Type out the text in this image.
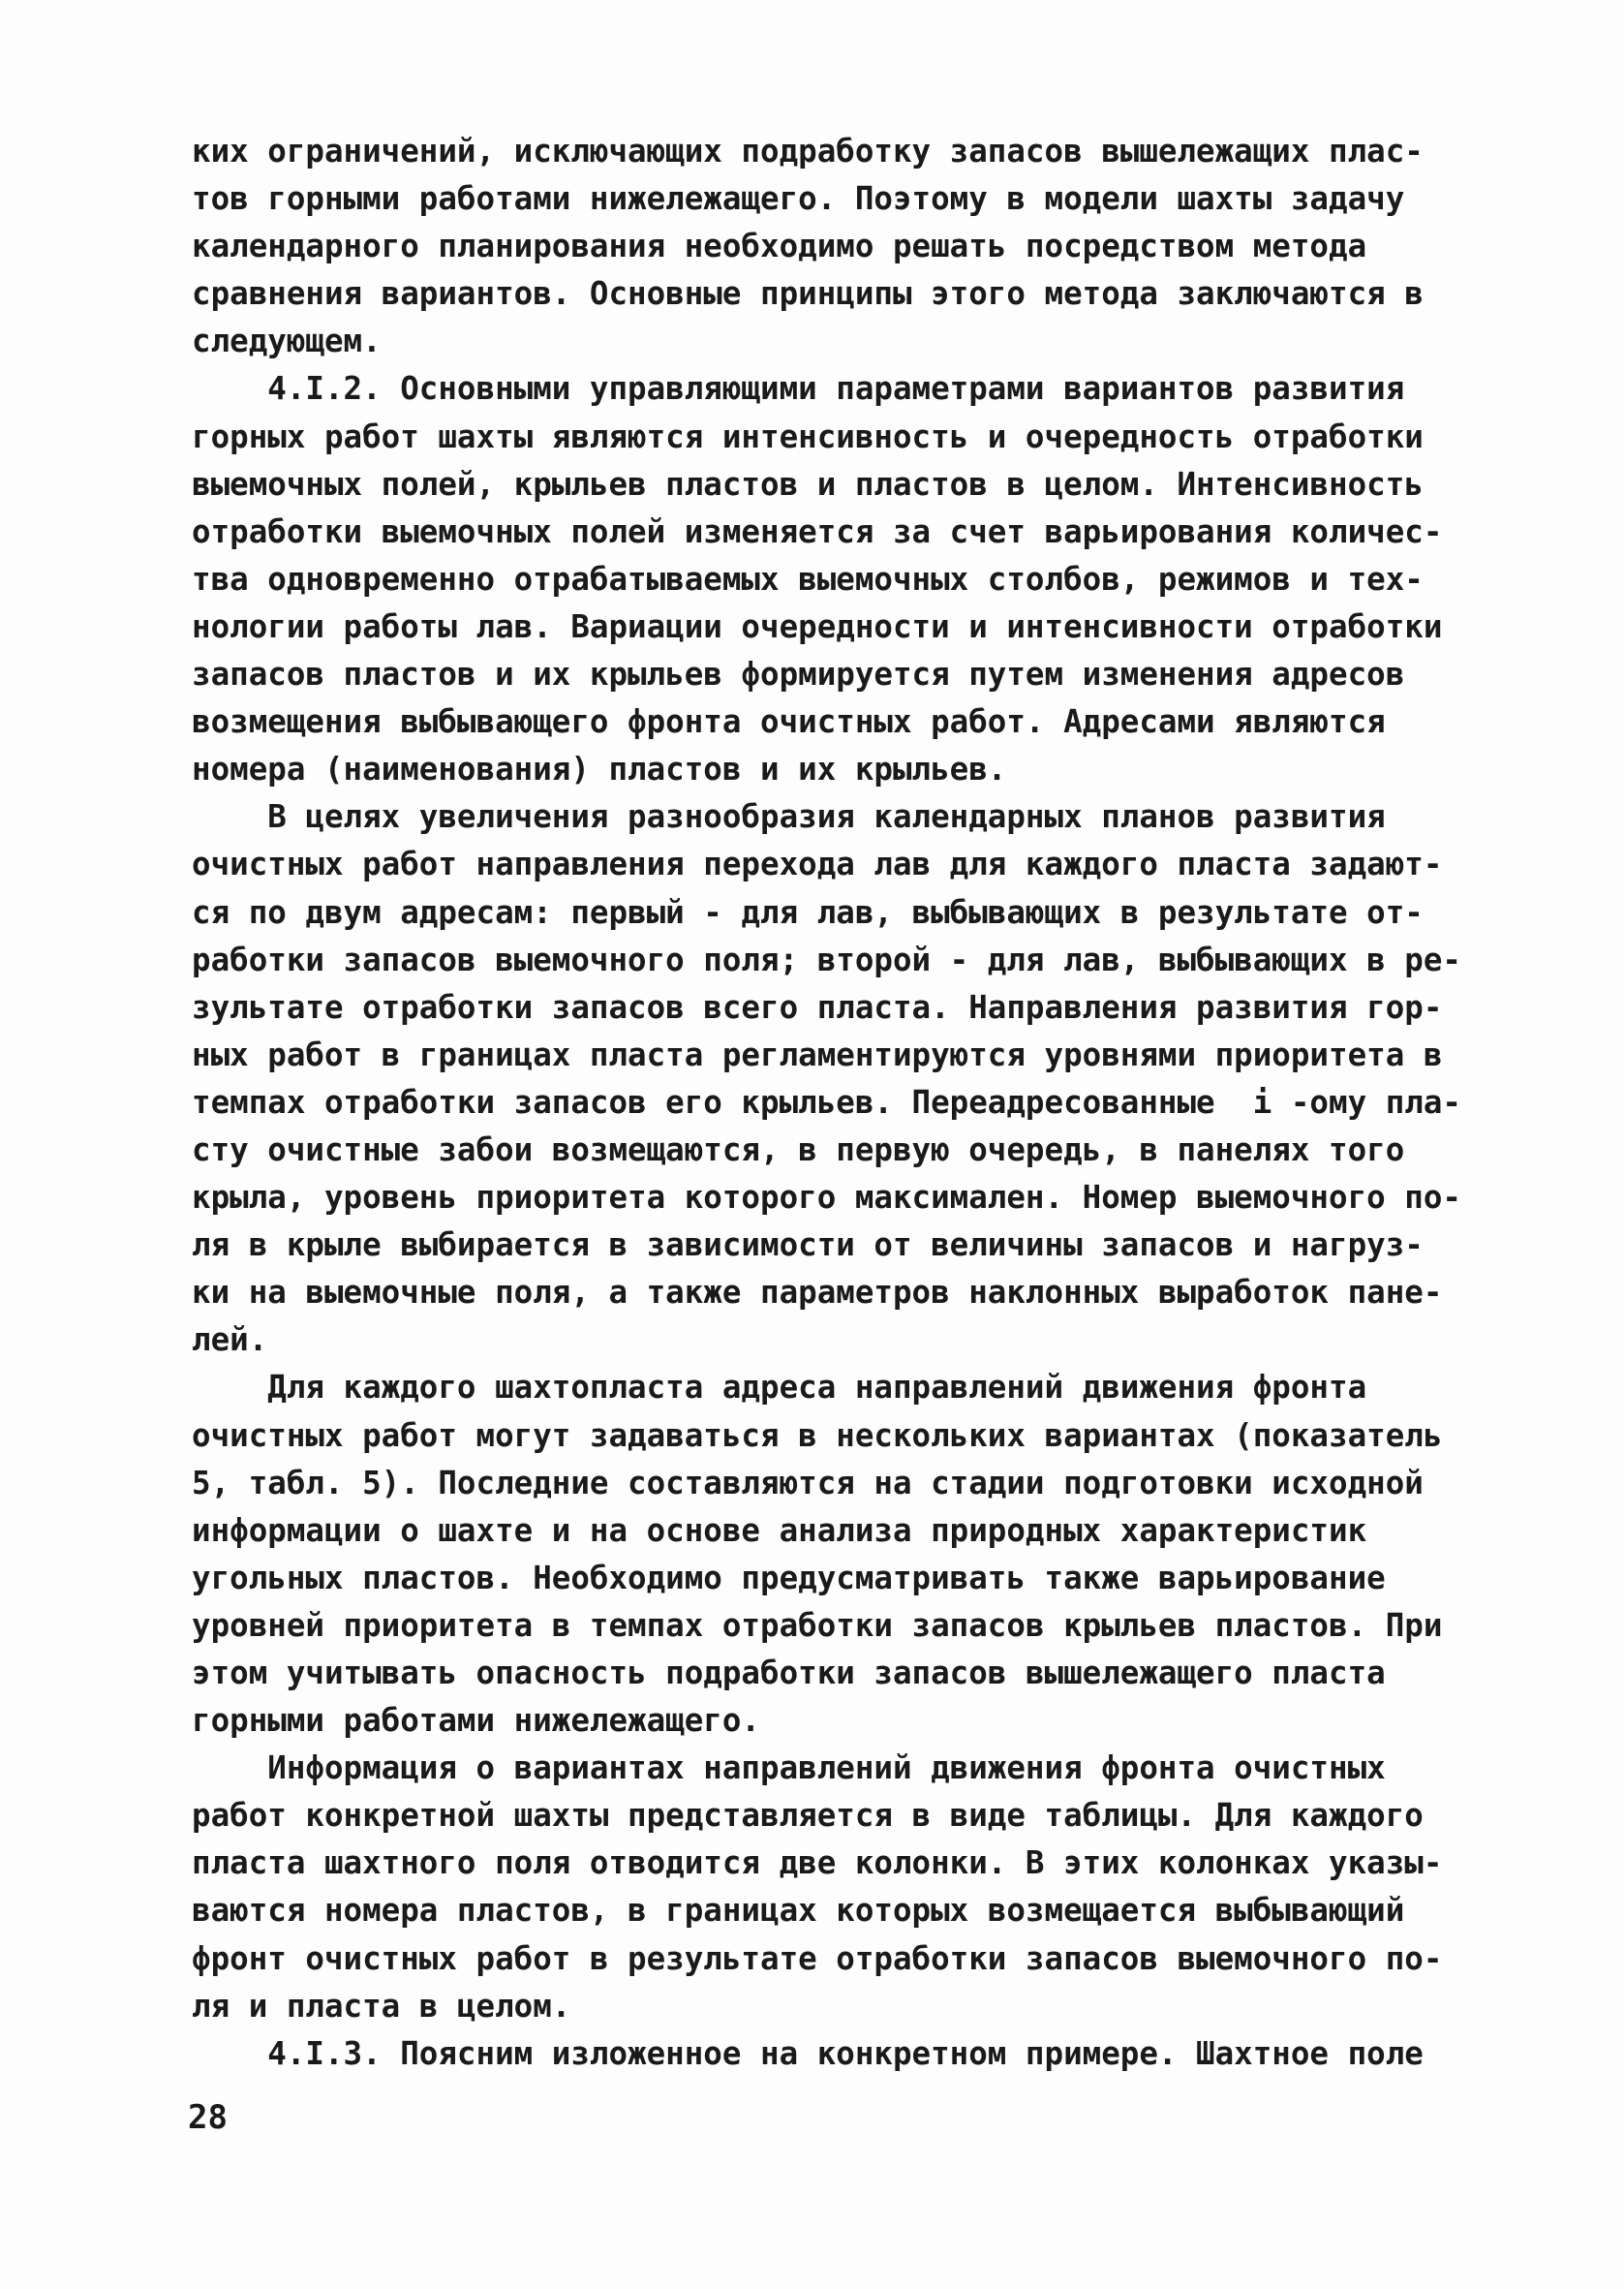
ких ограничений, исключающих подработку запасов вышележащих плас-
тов горными работами нижележащего. Поэтому в модели шахты задачу
календарного планирования необходимо решать посредством метода
сравнения вариантов. Основные принципы этого метода заключаются в
следующем.
4.I.2. Основными управляющими параметрами вариантов развития
горных работ шахты являются интенсивность и очередность отработки
выемочных полей, крыльев пластов и пластов в целом. Интенсивность
отработки выемочных полей изменяется за счет варьирования количес-
тва одновременно отрабатываемых выемочных столбов, режимов и тех-
нологии работы лав. Вариации очередности и интенсивности отработки
запасов пластов и их крыльев формируется путем изменения адресов
возмещения выбывающего фронта очистных работ. Адресами являются
номера (наименования) пластов и их крыльев.
В целях увеличения разнообразия календарных планов развития
очистных работ направления перехода лав для каждого пласта задают-
ся по двум адресам: первый - для лав, выбывающих в результате от-
работки запасов выемочного поля; второй - для лав, выбывающих в ре-
зультате отработки запасов всего пласта. Направления развития гор-
ных работ в границах пласта регламентируются уровнями приоритета в
темпах отработки запасов его крыльев. Переадресованные  i -ому пла-
сту очистные забои возмещаются, в первую очередь, в панелях того
крыла, уровень приоритета которого максимален. Номер выемочного по-
ля в крыле выбирается в зависимости от величины запасов и нагруз-
ки на выемочные поля, а также параметров наклонных выработок пане-
лей.
Для каждого шахтопласта адреса направлений движения фронта
очистных работ могут задаваться в нескольких вариантах (показатель
5, табл. 5). Последние составляются на стадии подготовки исходной
информации о шахте и на основе анализа природных характеристик
угольных пластов. Необходимо предусматривать также варьирование
уровней приоритета в темпах отработки запасов крыльев пластов. При
этом учитывать опасность подработки запасов вышележащего пласта
горными работами нижележащего.
Информация о вариантах направлений движения фронта очистных
работ конкретной шахты представляется в виде таблицы. Для каждого
пласта шахтного поля отводится две колонки. В этих колонках указы-
ваются номера пластов, в границах которых возмещается выбывающий
фронт очистных работ в результате отработки запасов выемочного по-
ля и пласта в целом.
4.I.3. Поясним изложенное на конкретном примере. Шахтное поле
28
